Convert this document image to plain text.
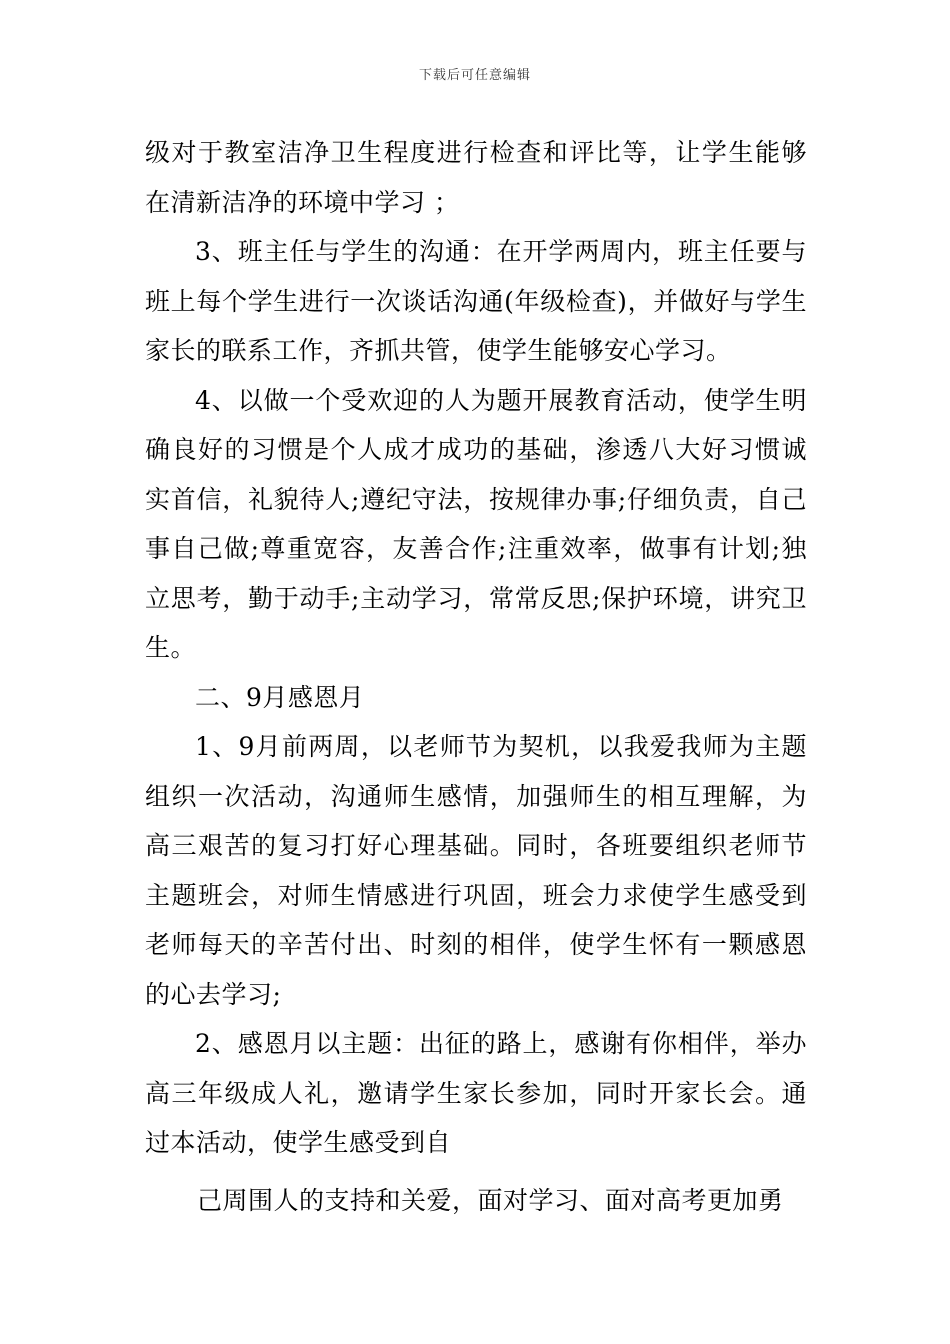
下载后可任意编辑

级对于教室洁净卫生程度进行检查和评比等，让学生能够在清新洁净的环境中学习 ；

3、班主任与学生的沟通：在开学两周内，班主任要与班上每个学生进行一次谈话沟通(年级检查)，并做好与学生家长的联系工作，齐抓共管，使学生能够安心学习。

4、以做一个受欢迎的人为题开展教育活动，使学生明确良好的习惯是个人成才成功的基础，渗透八大好习惯诚实首信，礼貌待人;遵纪守法，按规律办事;仔细负责，自己事自己做;尊重宽容，友善合作;注重效率，做事有计划;独立思考，勤于动手;主动学习，常常反思;保护环境，讲究卫生。

二、9月感恩月

1、9月前两周，以老师节为契机，以我爱我师为主题组织一次活动，沟通师生感情，加强师生的相互理解，为高三艰苦的复习打好心理基础。同时，各班要组织老师节主题班会，对师生情感进行巩固，班会力求使学生感受到老师每天的辛苦付出、时刻的相伴，使学生怀有一颗感恩的心去学习;

2、感恩月以主题：出征的路上，感谢有你相伴，举办高三年级成人礼，邀请学生家长参加，同时开家长会。通过本活动，使学生感受到自

己周围人的支持和关爱，面对学习、面对高考更加勇
